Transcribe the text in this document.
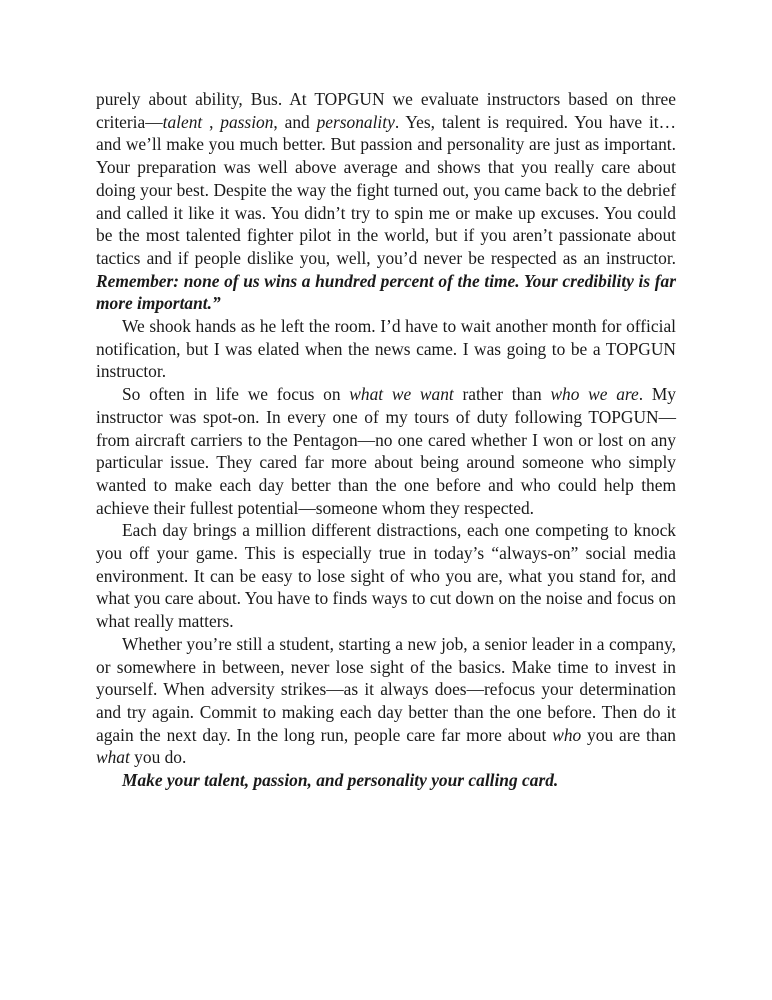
purely about ability, Bus. At TOPGUN we evaluate instructors based on three criteria—talent , passion, and personality. Yes, talent is required. You have it… and we’ll make you much better. But passion and personality are just as important. Your preparation was well above average and shows that you really care about doing your best. Despite the way the fight turned out, you came back to the debrief and called it like it was. You didn’t try to spin me or make up excuses. You could be the most talented fighter pilot in the world, but if you aren’t passionate about tactics and if people dislike you, well, you’d never be respected as an instructor. Remember: none of us wins a hundred percent of the time. Your credibility is far more important.”

We shook hands as he left the room. I’d have to wait another month for official notification, but I was elated when the news came. I was going to be a TOPGUN instructor.

So often in life we focus on what we want rather than who we are. My instructor was spot-on. In every one of my tours of duty following TOPGUN—from aircraft carriers to the Pentagon—no one cared whether I won or lost on any particular issue. They cared far more about being around someone who simply wanted to make each day better than the one before and who could help them achieve their fullest potential—someone whom they respected.

Each day brings a million different distractions, each one competing to knock you off your game. This is especially true in today’s “always-on” social media environment. It can be easy to lose sight of who you are, what you stand for, and what you care about. You have to finds ways to cut down on the noise and focus on what really matters.

Whether you’re still a student, starting a new job, a senior leader in a company, or somewhere in between, never lose sight of the basics. Make time to invest in yourself. When adversity strikes—as it always does—refocus your determination and try again. Commit to making each day better than the one before. Then do it again the next day. In the long run, people care far more about who you are than what you do.

Make your talent, passion, and personality your calling card.
